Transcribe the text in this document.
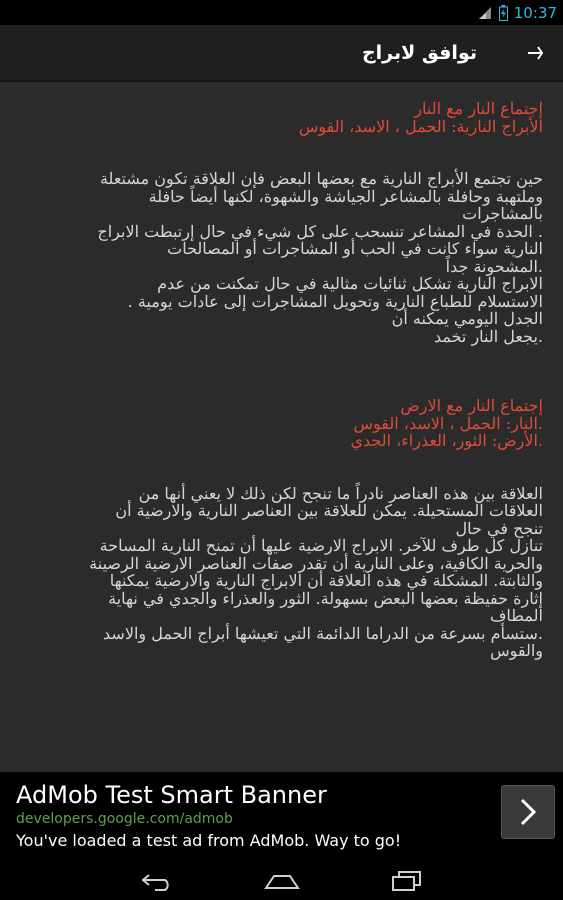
10:37
توافق لابراج
إجتماع النار مع النار
الأبراج النارية: الحمل ، الاسد، القوس
حين تجتمع الأبراج النارية مع بعضها البعض فإن العلاقة تكون مشتعلة
وملتهبة وحافلة بالمشاعر الجياشة والشهوة، لكنها أيضاً حافلة
بالمشاجرات
. الحدة في المشاعر تنسحب على كل شيء في حال إرتبطت الابراج
النارية سواء كانت في الحب أو المشاجرات أو المصالحات
.المشحونة جداً
الابراج النارية تشكل ثنائيات مثالية في حال تمكنت من عدم
الاستسلام للطباع النارية وتحويل المشاجرات إلى عادات يومية .
الجدل اليومي يمكنه أن
.يجعل النار تخمد
إجتماع النار مع الارض
.النار: الحمل ، الاسد، القوس
.الأرض: الثور، العذراء، الجدي
العلاقة بين هذه العناصر نادراً ما تنجح لكن ذلك لا يعني أنها من
العلاقات المستحيلة. يمكن للعلاقة بين العناصر النارية والارضية أن
تنجح في حال
تنازل كل طرف للآخر. الابراج الارضية عليها أن تمنح النارية المساحة
والحرية الكافية، وعلى النارية أن تقدر صفات العناصر الارضية الرصينة
والثابتة. المشكلة في هذه العلاقة أن الابراج النارية والارضية يمكنها
إثارة حفيظة بعضها البعض بسهولة. الثور والعذراء والجدي في نهاية
المطاف
.ستسأم بسرعة من الدراما الدائمة التي تعيشها أبراج الحمل والاسد
والقوس
AdMob Test Smart Banner
developers.google.com/admob
You've loaded a test ad from AdMob. Way to go!
